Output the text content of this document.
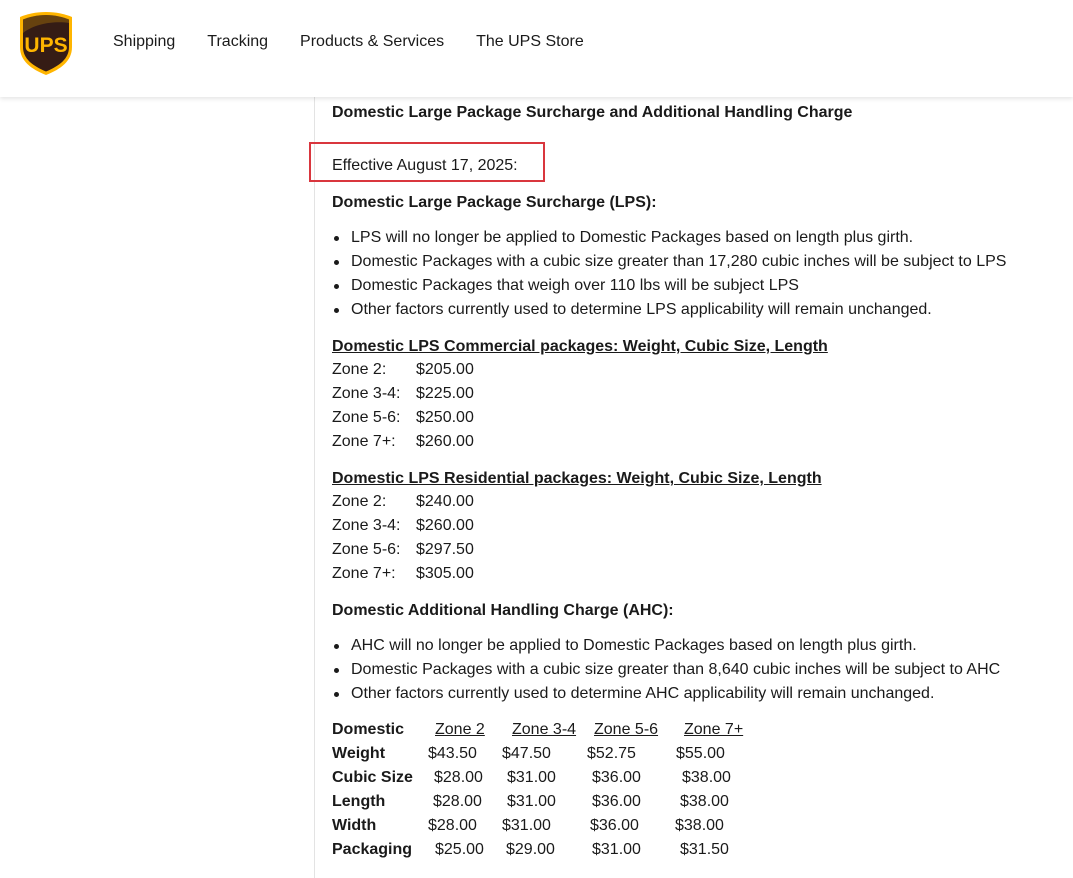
UPS	Shipping Tracking Products & Services The UPS Store
Domestic Large Package Surcharge and Additional Handling Charge
Effective August 17, 2025:
Domestic Large Package Surcharge (LPS):
LPS will no longer be applied to Domestic Packages based on length plus girth.
Domestic Packages with a cubic size greater than 17,280 cubic inches will be subject to LPS
Domestic Packages that weigh over 110 lbs will be subject LPS
Other factors currently used to determine LPS applicability will remain unchanged.
Domestic LPS Commercial packages: Weight, Cubic Size, Length
Zone 2: $205.00
Zone 3-4: $225.00
Zone 5-6: $250.00
Zone 7+: $260.00
Domestic LPS Residential packages: Weight, Cubic Size, Length
Zone 2: $240.00
Zone 3-4: $260.00
Zone 5-6: $297.50
Zone 7+: $305.00
Domestic Additional Handling Charge (AHC):
AHC will no longer be applied to Domestic Packages based on length plus girth.
Domestic Packages with a cubic size greater than 8,640 cubic inches will be subject to AHC
Other factors currently used to determine AHC applicability will remain unchanged.
Domestic	Zone 2	Zone 3-4	Zone 5-6	Zone 7+
Weight	$43.50	$47.50	$52.75	$55.00
Cubic Size	$28.00	$31.00	$36.00	$38.00
Length	$28.00	$31.00	$36.00	$38.00
Width	$28.00	$31.00	$36.00	$38.00
Packaging	$25.00	$29.00	$31.00	$31.50
